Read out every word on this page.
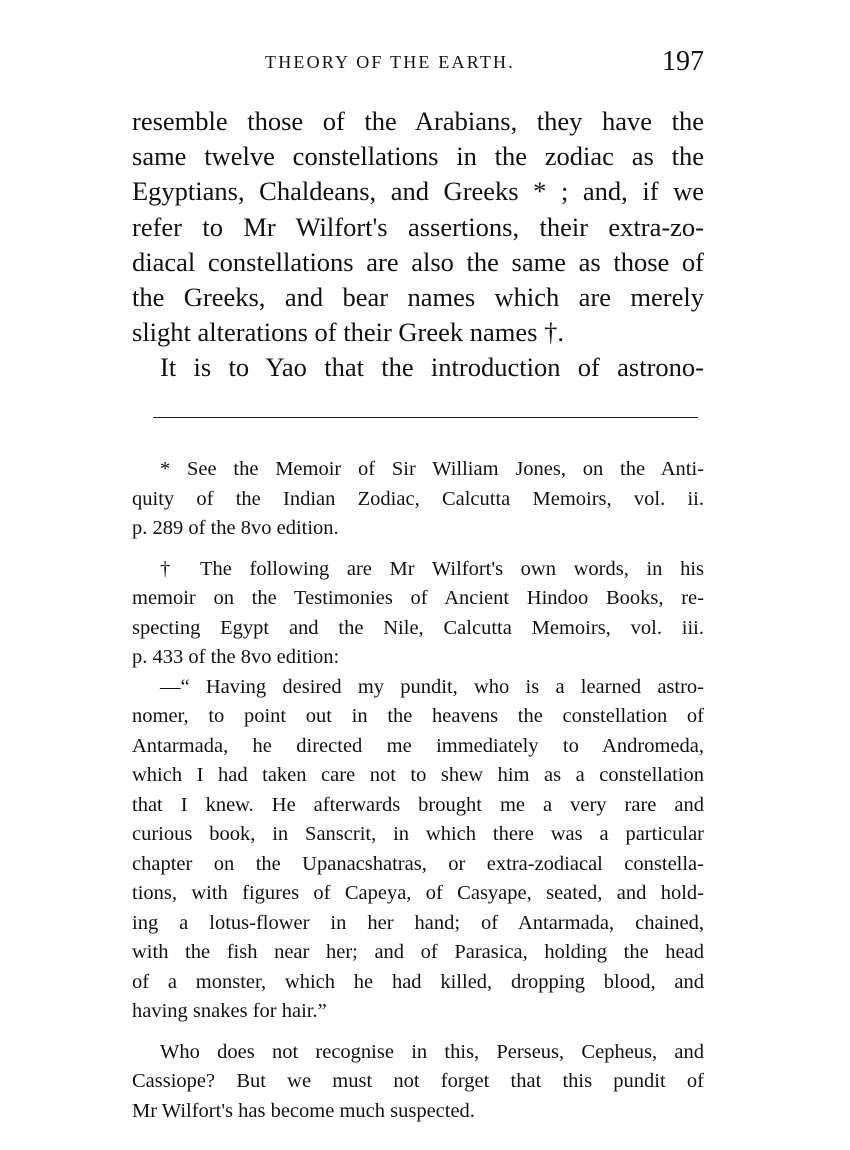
THEORY OF THE EARTH.	197
resemble those of the Arabians, they have the
same twelve constellations in the zodiac as the
Egyptians, Chaldeans, and Greeks * ; and, if we
refer to Mr Wilfort's assertions, their extra-zo-
diacal constellations are also the same as those of
the Greeks, and bear names which are merely
slight alterations of their Greek names †.
It is to Yao that the introduction of astrono-
* See the Memoir of Sir William Jones, on the Anti-
quity of the Indian Zodiac, Calcutta Memoirs, vol. ii.
p. 289 of the 8vo edition.
† The following are Mr Wilfort's own words, in his
memoir on the Testimonies of Ancient Hindoo Books, re-
specting Egypt and the Nile, Calcutta Memoirs, vol. iii.
p. 433 of the 8vo edition:
—“ Having desired my pundit, who is a learned astro-
nomer, to point out in the heavens the constellation of
Antarmada, he directed me immediately to Andromeda,
which I had taken care not to shew him as a constellation
that I knew. He afterwards brought me a very rare and
curious book, in Sanscrit, in which there was a particular
chapter on the Upanacshatras, or extra-zodiacal constella-
tions, with figures of Capeya, of Casyape, seated, and hold-
ing a lotus-flower in her hand; of Antarmada, chained,
with the fish near her; and of Parasica, holding the head
of a monster, which he had killed, dropping blood, and
having snakes for hair.”
Who does not recognise in this, Perseus, Cepheus, and
Cassiope? But we must not forget that this pundit of
Mr Wilfort's has become much suspected.
